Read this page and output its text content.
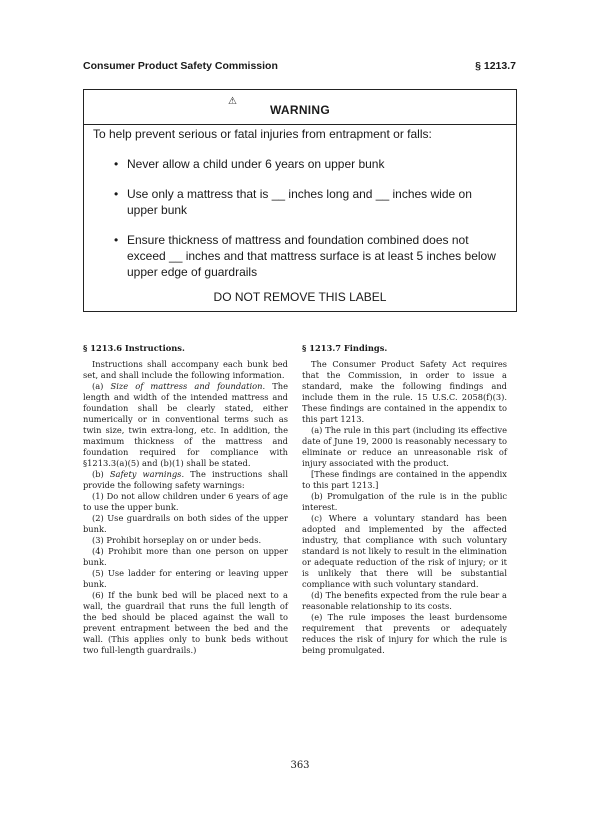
Consumer Product Safety Commission	§ 1213.7
⚠
WARNING
To help prevent serious or fatal injuries from entrapment or falls:
• Never allow a child under 6 years on upper bunk
• Use only a mattress that is __ inches long and __ inches wide on upper bunk
• Ensure thickness of mattress and foundation combined does not exceed __ inches and that mattress surface is at least 5 inches below upper edge of guardrails
DO NOT REMOVE THIS LABEL
§ 1213.6 Instructions.

Instructions shall accompany each bunk bed set, and shall include the following information.

(a) Size of mattress and foundation. The length and width of the intended mattress and foundation shall be clearly stated, either numerically or in conventional terms such as twin size, twin extra-long, etc. In addition, the maximum thickness of the mattress and foundation required for compliance with §1213.3(a)(5) and (b)(1) shall be stated.

(b) Safety warnings. The instructions shall provide the following safety warnings:

(1) Do not allow children under 6 years of age to use the upper bunk.

(2) Use guardrails on both sides of the upper bunk.

(3) Prohibit horseplay on or under beds.

(4) Prohibit more than one person on upper bunk.

(5) Use ladder for entering or leaving upper bunk.

(6) If the bunk bed will be placed next to a wall, the guardrail that runs the full length of the bed should be placed against the wall to prevent entrapment between the bed and the wall. (This applies only to bunk beds without two full-length guardrails.)

§ 1213.7 Findings.

The Consumer Product Safety Act requires that the Commission, in order to issue a standard, make the following findings and include them in the rule. 15 U.S.C. 2058(f)(3). These findings are contained in the appendix to this part 1213.

(a) The rule in this part (including its effective date of June 19, 2000 is reasonably necessary to eliminate or reduce an unreasonable risk of injury associated with the product.

[These findings are contained in the appendix to this part 1213.]

(b) Promulgation of the rule is in the public interest.

(c) Where a voluntary standard has been adopted and implemented by the affected industry, that compliance with such voluntary standard is not likely to result in the elimination or adequate reduction of the risk of injury; or it is unlikely that there will be substantial compliance with such voluntary standard.

(d) The benefits expected from the rule bear a reasonable relationship to its costs.

(e) The rule imposes the least burdensome requirement that prevents or adequately reduces the risk of injury for which the rule is being promulgated.

363
